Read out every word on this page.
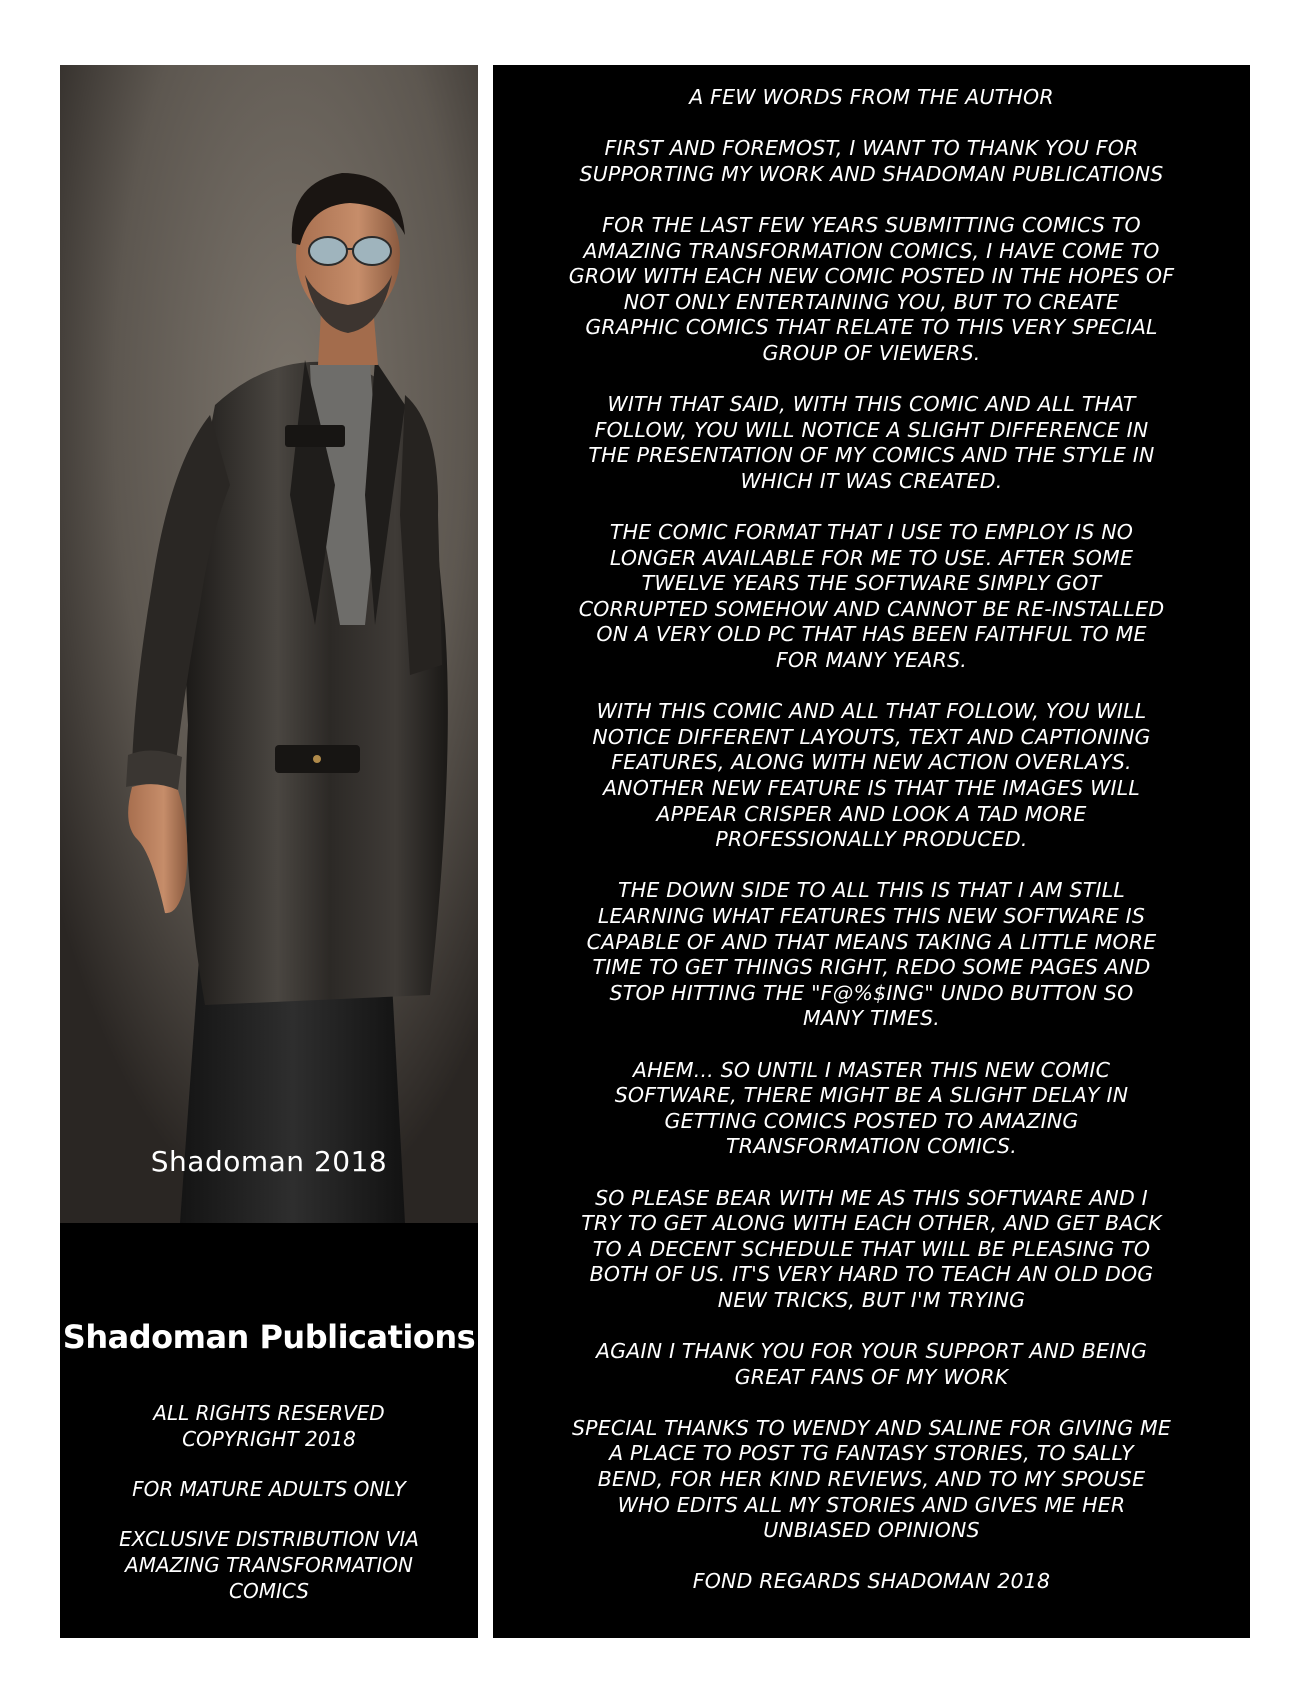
Shadoman 2018
Shadoman Publications

ALL RIGHTS RESERVED
COPYRIGHT 2018

FOR MATURE ADULTS ONLY

EXCLUSIVE DISTRIBUTION VIA
AMAZING TRANSFORMATION
COMICS

A FEW WORDS FROM THE AUTHOR

FIRST AND FOREMOST, I WANT TO THANK YOU FOR
SUPPORTING MY WORK AND SHADOMAN PUBLICATIONS

FOR THE LAST FEW YEARS SUBMITTING COMICS TO
AMAZING TRANSFORMATION COMICS, I HAVE COME TO
GROW WITH EACH NEW COMIC POSTED IN THE HOPES OF
NOT ONLY ENTERTAINING YOU, BUT TO CREATE
GRAPHIC COMICS THAT RELATE TO THIS VERY SPECIAL
GROUP OF VIEWERS.

WITH THAT SAID, WITH THIS COMIC AND ALL THAT
FOLLOW, YOU WILL NOTICE A SLIGHT DIFFERENCE IN
THE PRESENTATION OF MY COMICS AND THE STYLE IN
WHICH IT WAS CREATED.

THE COMIC FORMAT THAT I USE TO EMPLOY IS NO
LONGER AVAILABLE FOR ME TO USE. AFTER SOME
TWELVE YEARS THE SOFTWARE SIMPLY GOT
CORRUPTED SOMEHOW AND CANNOT BE RE-INSTALLED
ON A VERY OLD PC THAT HAS BEEN FAITHFUL TO ME
FOR MANY YEARS.

WITH THIS COMIC AND ALL THAT FOLLOW, YOU WILL
NOTICE DIFFERENT LAYOUTS, TEXT AND CAPTIONING
FEATURES, ALONG WITH NEW ACTION OVERLAYS.
ANOTHER NEW FEATURE IS THAT THE IMAGES WILL
APPEAR CRISPER AND LOOK A TAD MORE
PROFESSIONALLY PRODUCED.

THE DOWN SIDE TO ALL THIS IS THAT I AM STILL
LEARNING WHAT FEATURES THIS NEW SOFTWARE IS
CAPABLE OF AND THAT MEANS TAKING A LITTLE MORE
TIME TO GET THINGS RIGHT, REDO SOME PAGES AND
STOP HITTING THE "F@%$ING" UNDO BUTTON SO
MANY TIMES.

AHEM... SO UNTIL I MASTER THIS NEW COMIC
SOFTWARE, THERE MIGHT BE A SLIGHT DELAY IN
GETTING COMICS POSTED TO AMAZING
TRANSFORMATION COMICS.

SO PLEASE BEAR WITH ME AS THIS SOFTWARE AND I
TRY TO GET ALONG WITH EACH OTHER, AND GET BACK
TO A DECENT SCHEDULE THAT WILL BE PLEASING TO
BOTH OF US. IT'S VERY HARD TO TEACH AN OLD DOG
NEW TRICKS, BUT I'M TRYING

AGAIN I THANK YOU FOR YOUR SUPPORT AND BEING
GREAT FANS OF MY WORK

SPECIAL THANKS TO WENDY AND SALINE FOR GIVING ME
A PLACE TO POST TG FANTASY STORIES, TO SALLY
BEND, FOR HER KIND REVIEWS, AND TO MY SPOUSE
WHO EDITS ALL MY STORIES AND GIVES ME HER
UNBIASED OPINIONS

FOND REGARDS SHADOMAN 2018
